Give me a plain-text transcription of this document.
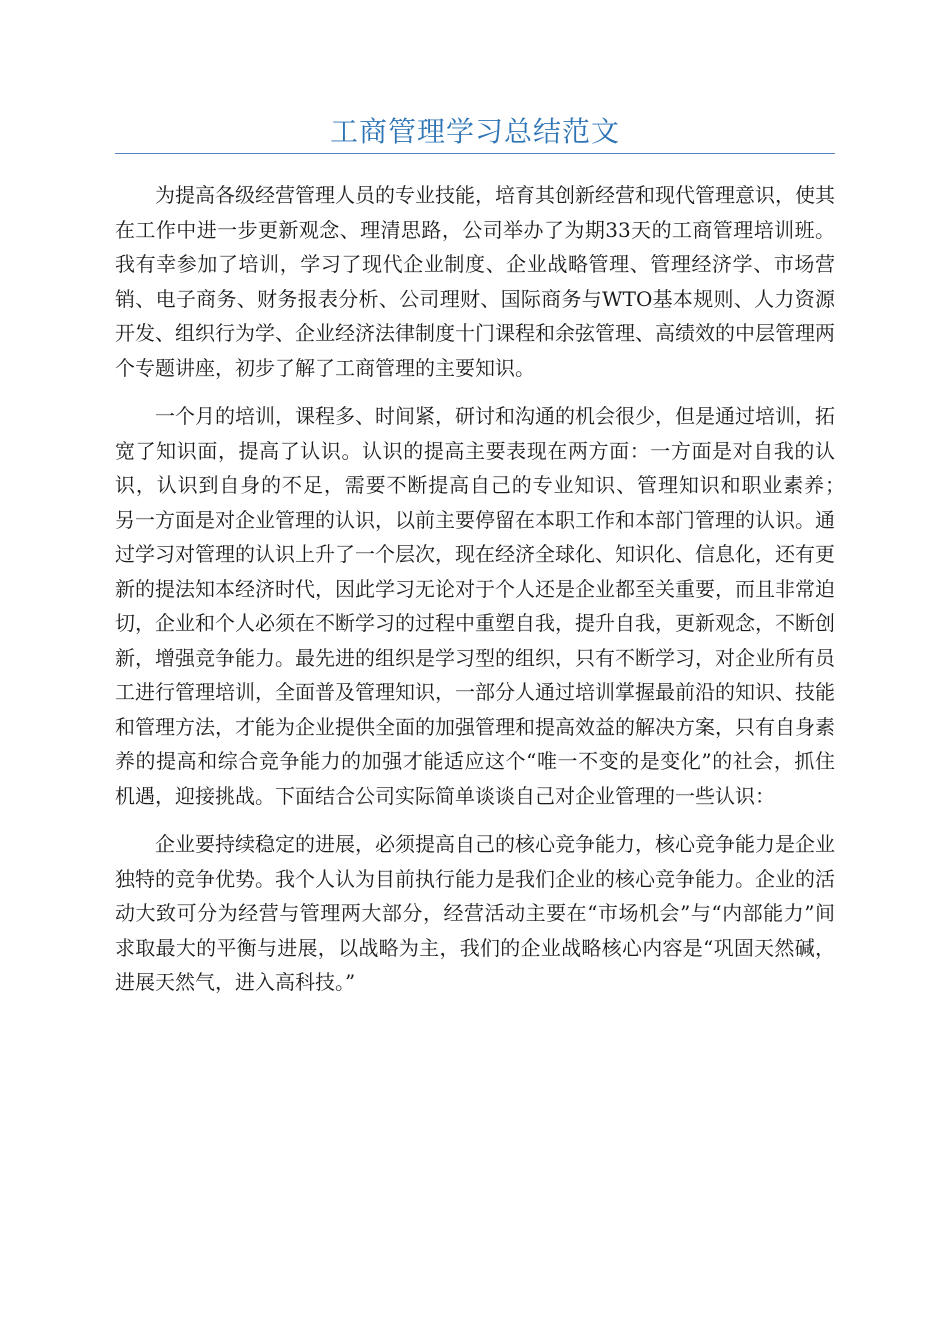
工商管理学习总结范文

为提高各级经营管理人员的专业技能，培育其创新经营和现代管理意识，使其在工作中进一步更新观念、理清思路，公司举办了为期33天的工商管理培训班。我有幸参加了培训，学习了现代企业制度、企业战略管理、管理经济学、市场营销、电子商务、财务报表分析、公司理财、国际商务与WTO基本规则、人力资源开发、组织行为学、企业经济法律制度十门课程和余弦管理、高绩效的中层管理两个专题讲座，初步了解了工商管理的主要知识。

一个月的培训，课程多、时间紧，研讨和沟通的机会很少，但是通过培训，拓宽了知识面，提高了认识。认识的提高主要表现在两方面：一方面是对自我的认识，认识到自身的不足，需要不断提高自己的专业知识、管理知识和职业素养；　另一方面是对企业管理的认识，以前主要停留在本职工作和本部门管理的认识。通过学习对管理的认识上升了一个层次，现在经济全球化、知识化、信息化，还有更新的提法知本经济时代，因此学习无论对于个人还是企业都至关重要，而且非常迫切，企业和个人必须在不断学习的过程中重塑自我，提升自我，更新观念，不断创新，增强竞争能力。最先进的组织是学习型的组织，只有不断学习，对企业所有员工进行管理培训，全面普及管理知识，一部分人通过培训掌握最前沿的知识、技能和管理方法，才能为企业提供全面的加强管理和提高效益的解决方案，只有自身素养的提高和综合竞争能力的加强才能适应这个“唯一不变的是变化”的社会，抓住机遇，迎接挑战。下面结合公司实际简单谈谈自己对企业管理的一些认识：

企业要持续稳定的进展，必须提高自己的核心竞争能力，核心竞争能力是企业独特的竞争优势。我个人认为目前执行能力是我们企业的核心竞争能力。企业的活动大致可分为经营与管理两大部分，经营活动主要在“市场机会”与“内部能力”间求取最大的平衡与进展，以战略为主，我们的企业战略核心内容是“巩固天然碱，进展天然气，进入高科技。”
